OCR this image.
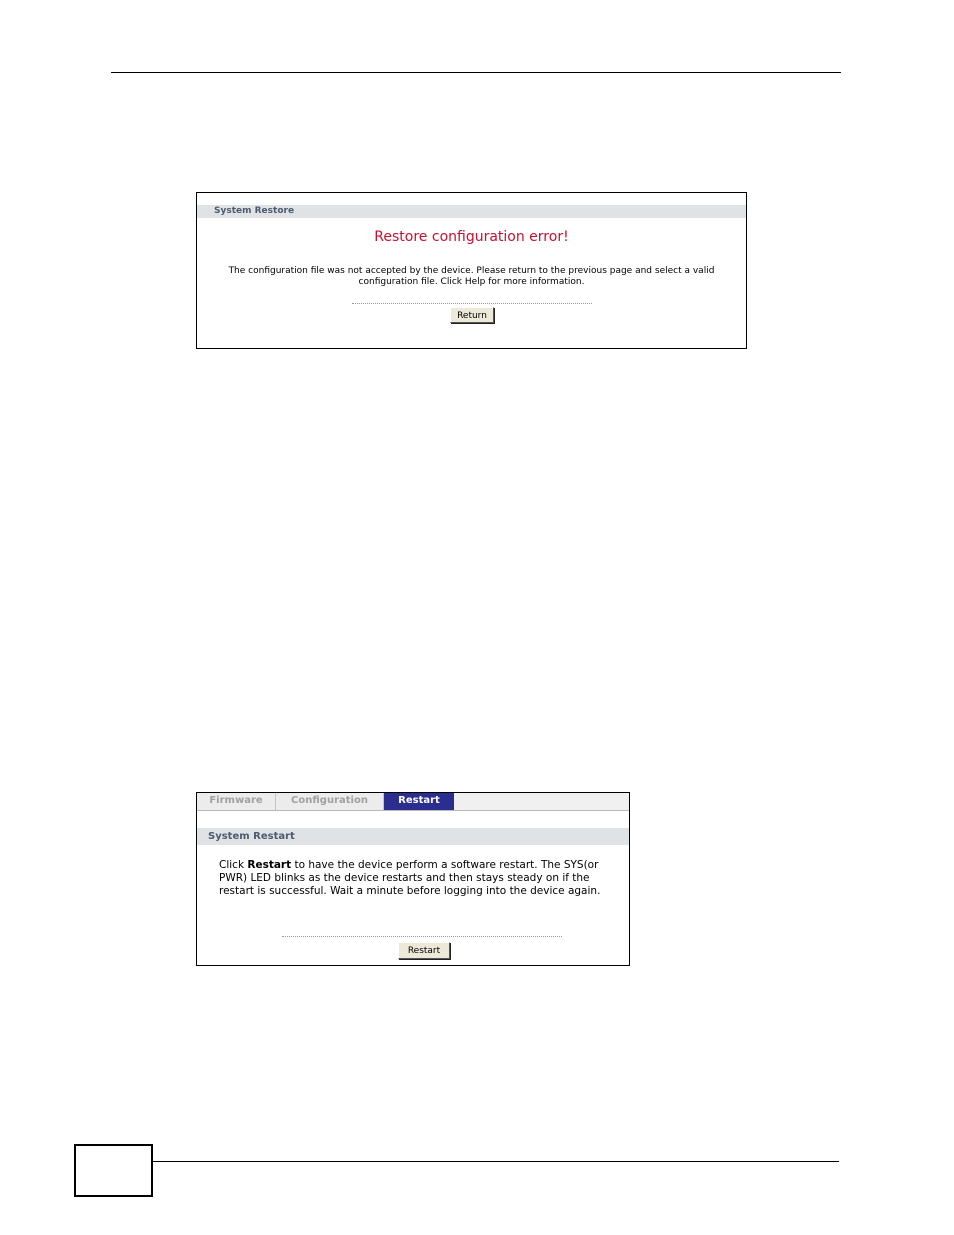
System Restore
Restore configuration error!
The configuration file was not accepted by the device. Please return to the previous page and select a valid
configuration file. Click Help for more information.
Return
Firmware	Configuration	Restart
System Restart
Click Restart to have the device perform a software restart. The SYS(or
PWR) LED blinks as the device restarts and then stays steady on if the
restart is successful. Wait a minute before logging into the device again.
Restart
